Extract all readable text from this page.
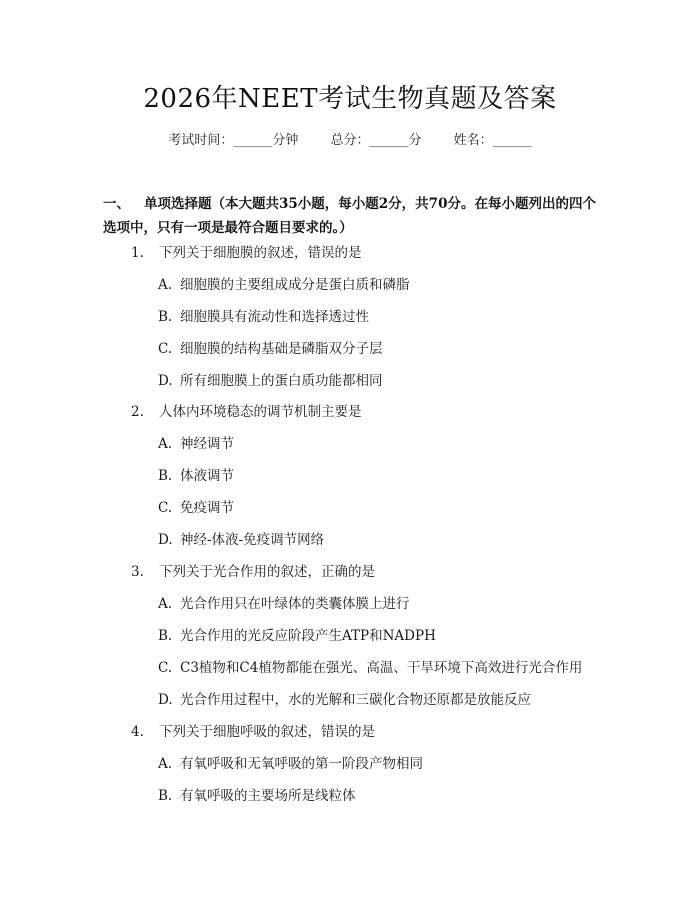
2026年NEET考试生物真题及答案
考试时间：______分钟 总分：______分 姓名：______
一、 单项选择题（本大题共35小题，每小题2分，共70分。在每小题列出的四个选项中，只有一项是最符合题目要求的。）
1. 下列关于细胞膜的叙述，错误的是
A. 细胞膜的主要组成成分是蛋白质和磷脂
B. 细胞膜具有流动性和选择透过性
C. 细胞膜的结构基础是磷脂双分子层
D. 所有细胞膜上的蛋白质功能都相同
2. 人体内环境稳态的调节机制主要是
A. 神经调节
B. 体液调节
C. 免疫调节
D. 神经-体液-免疫调节网络
3. 下列关于光合作用的叙述，正确的是
A. 光合作用只在叶绿体的类囊体膜上进行
B. 光合作用的光反应阶段产生ATP和NADPH
C. C3植物和C4植物都能在强光、高温、干旱环境下高效进行光合作用
D. 光合作用过程中，水的光解和三碳化合物还原都是放能反应
4. 下列关于细胞呼吸的叙述，错误的是
A. 有氧呼吸和无氧呼吸的第一阶段产物相同
B. 有氧呼吸的主要场所是线粒体
